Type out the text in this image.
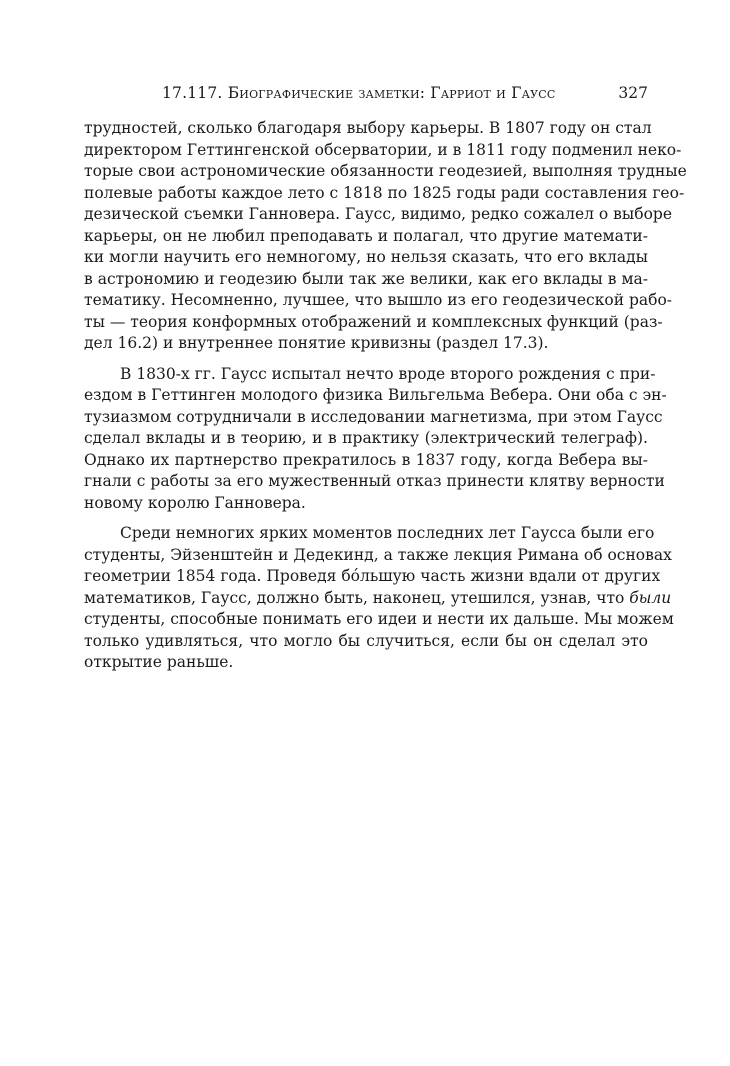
17.117. Биографические заметки: Гарриот и Гаусс	327
трудностей, сколько благодаря выбору карьеры. В 1807 году он стал
директором Геттингенской обсерватории, и в 1811 году подменил неко-
торые свои астрономические обязанности геодезией, выполняя трудные
полевые работы каждое лето с 1818 по 1825 годы ради составления гео-
дезической съемки Ганновера. Гаусс, видимо, редко сожалел о выборе
карьеры, он не любил преподавать и полагал, что другие математи-
ки могли научить его немногому, но нельзя сказать, что его вклады
в астрономию и геодезию были так же велики, как его вклады в ма-
тематику. Несомненно, лучшее, что вышло из его геодезической рабо-
ты — теория конформных отображений и комплексных функций (раз-
дел 16.2) и внутреннее понятие кривизны (раздел 17.3).
В 1830-х гг. Гаусс испытал нечто вроде второго рождения с при-
ездом в Геттинген молодого физика Вильгельма Вебера. Они оба с эн-
тузиазмом сотрудничали в исследовании магнетизма, при этом Гаусс
сделал вклады и в теорию, и в практику (электрический телеграф).
Однако их партнерство прекратилось в 1837 году, когда Вебера вы-
гнали с работы за его мужественный отказ принести клятву верности
новому королю Ганновера.
Среди немногих ярких моментов последних лет Гаусса были его
студенты, Эйзенштейн и Дедекинд, а также лекция Римана об основах
геометрии 1854 года. Проведя бóльшую часть жизни вдали от других
математиков, Гаусс, должно быть, наконец, утешился, узнав, что были
студенты, способные понимать его идеи и нести их дальше. Мы можем
только удивляться, что могло бы случиться, если бы он сделал это
открытие раньше.
